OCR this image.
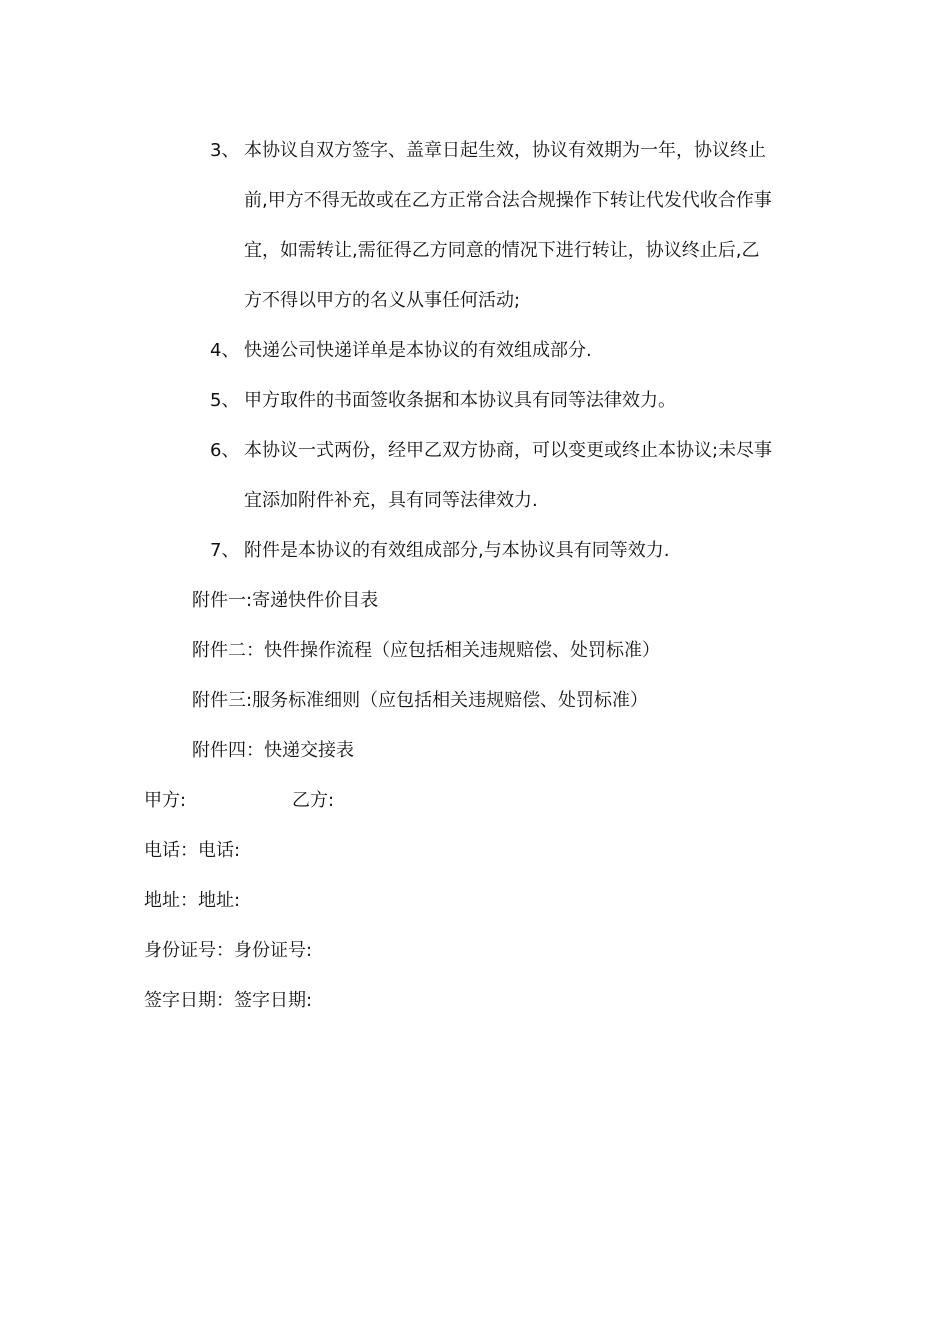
3、 本协议自双方签字、盖章日起生效，协议有效期为一年，协议终止
前,甲方不得无故或在乙方正常合法合规操作下转让代发代收合作事
宜，如需转让,需征得乙方同意的情况下进行转让，协议终止后,乙
方不得以甲方的名义从事任何活动;
4、 快递公司快递详单是本协议的有效组成部分.
5、 甲方取件的书面签收条据和本协议具有同等法律效力。
6、 本协议一式两份，经甲乙双方协商，可以变更或终止本协议;未尽事
宜添加附件补充，具有同等法律效力.
7、 附件是本协议的有效组成部分,与本协议具有同等效力.
附件一:寄递快件价目表
附件二：快件操作流程（应包括相关违规赔偿、处罚标准）
附件三:服务标准细则（应包括相关违规赔偿、处罚标准）
附件四：快递交接表
甲方:	乙方:
电话：电话:
地址：地址:
身份证号：身份证号:
签字日期：签字日期:
